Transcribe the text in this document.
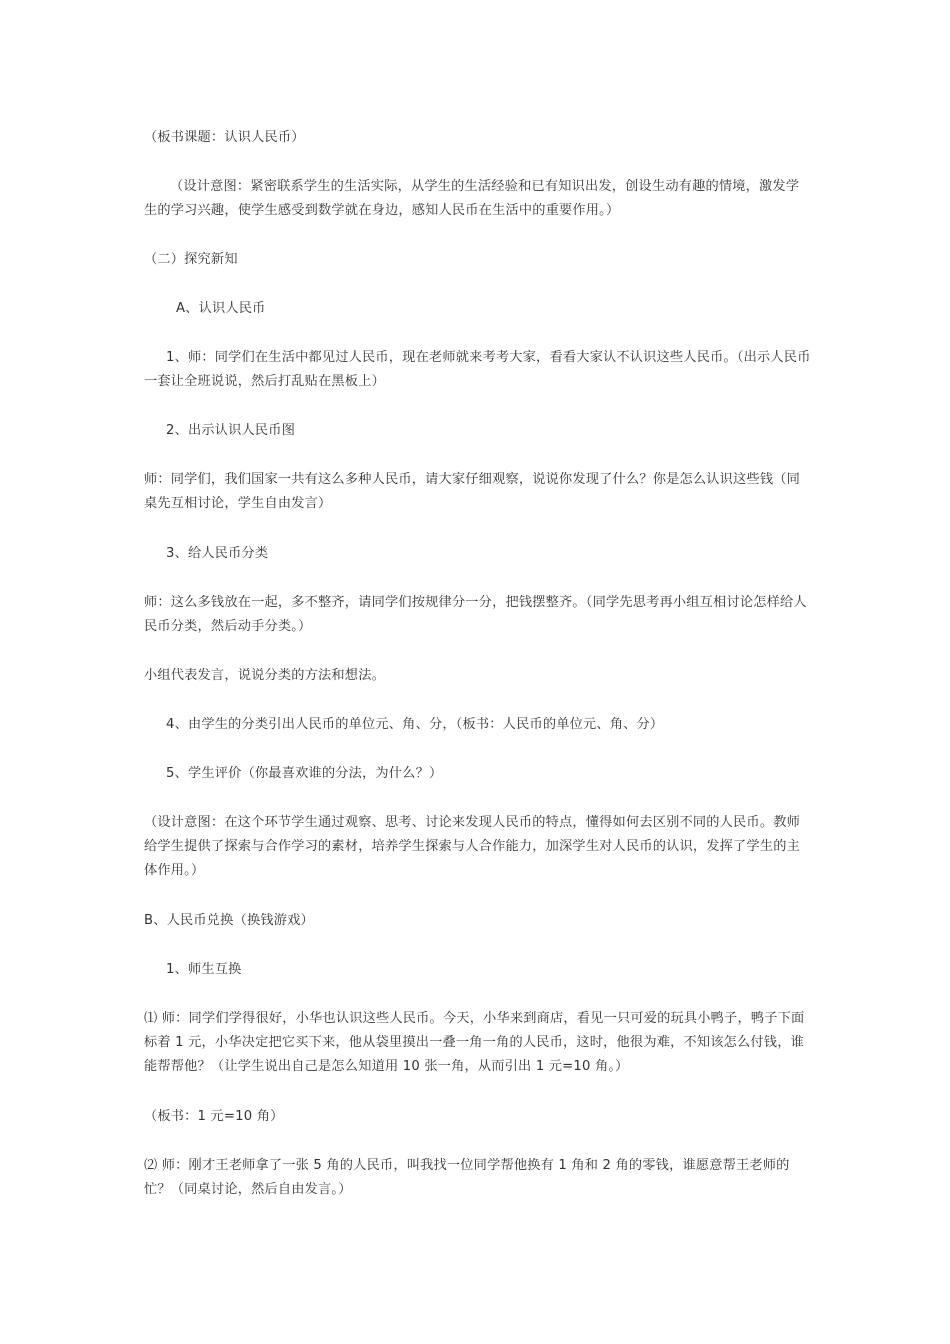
（板书课题：认识人民币）
（设计意图：紧密联系学生的生活实际，从学生的生活经验和已有知识出发，创设生动有趣的情境，激发学生的学习兴趣，使学生感受到数学就在身边，感知人民币在生活中的重要作用。）
（二）探究新知
A、认识人民币
1、师：同学们在生活中都见过人民币，现在老师就来考考大家，看看大家认不认识这些人民币。（出示人民币一套让全班说说，然后打乱贴在黑板上）
2、出示认识人民币图
师：同学们，我们国家一共有这么多种人民币，请大家仔细观察，说说你发现了什么？你是怎么认识这些钱（同桌先互相讨论，学生自由发言）
3、给人民币分类
师：这么多钱放在一起，多不整齐，请同学们按规律分一分，把钱摆整齐。（同学先思考再小组互相讨论怎样给人民币分类，然后动手分类。）
小组代表发言，说说分类的方法和想法。
4、由学生的分类引出人民币的单位元、角、分，（板书：人民币的单位元、角、分）
5、学生评价（你最喜欢谁的分法，为什么？）
（设计意图：在这个环节学生通过观察、思考、讨论来发现人民币的特点，懂得如何去区别不同的人民币。教师给学生提供了探索与合作学习的素材，培养学生探索与人合作能力，加深学生对人民币的认识，发挥了学生的主体作用。）
B、人民币兑换（换钱游戏）
1、师生互换
⑴ 师：同学们学得很好，小华也认识这些人民币。今天，小华来到商店，看见一只可爱的玩具小鸭子，鸭子下面标着 1 元，小华决定把它买下来，他从袋里摸出一叠一角一角的人民币，这时，他很为难，不知该怎么付钱，谁能帮帮他？（让学生说出自己是怎么知道用 10 张一角，从而引出 1 元=10 角。）
（板书：1 元=10 角）
⑵ 师：刚才王老师拿了一张 5 角的人民币，叫我找一位同学帮他换有 1 角和 2 角的零钱，谁愿意帮王老师的忙？（同桌讨论，然后自由发言。）
